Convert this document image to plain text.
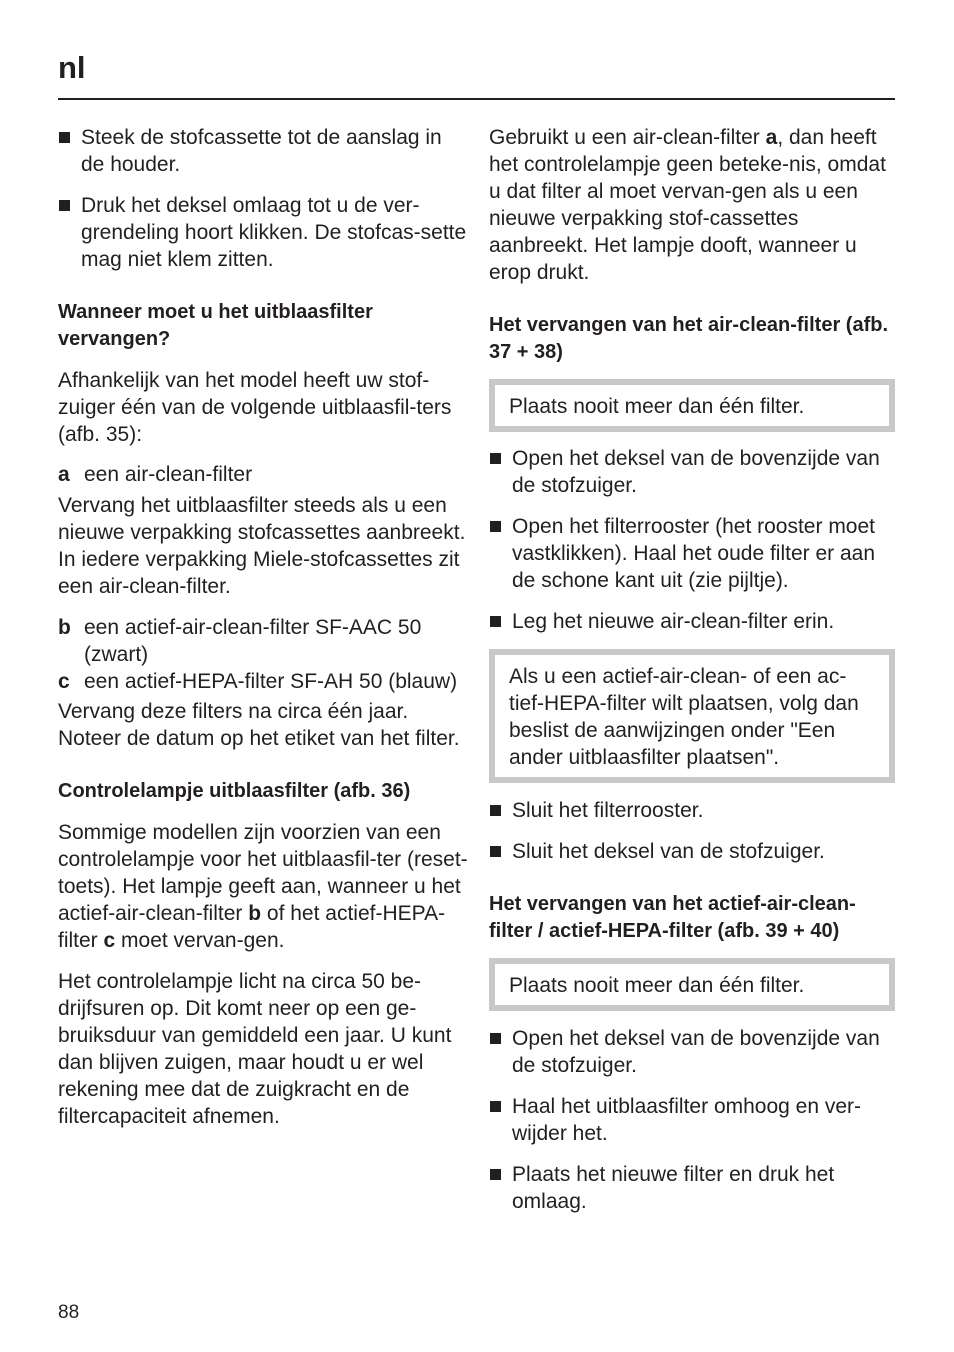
nl

Steek de stofcassette tot de aanslag in de houder.

Druk het deksel omlaag tot u de ver-grendeling hoort klikken. De stofcas-sette mag niet klem zitten.

Wanneer moet u het uitblaasfilter vervangen?

Afhankelijk van het model heeft uw stof-zuiger één van de volgende uitblaasfil-ters (afb. 35):

a een air-clean-filter

Vervang het uitblaasfilter steeds als u een nieuwe verpakking stofcassettes aanbreekt. In iedere verpakking Miele-stofcassettes zit een air-clean-filter.

b een actief-air-clean-filter SF-AAC 50 (zwart)
c een actief-HEPA-filter SF-AH 50 (blauw)

Vervang deze filters na circa één jaar. Noteer de datum op het etiket van het filter.

Controlelampje uitblaasfilter (afb. 36)

Sommige modellen zijn voorzien van een controlelampje voor het uitblaasfil-ter (reset-toets). Het lampje geeft aan, wanneer u het actief-air-clean-filter b of het actief-HEPA-filter c moet vervan-gen.

Het controlelampje licht na circa 50 be-drijfsuren op. Dit komt neer op een ge-bruiksduur van gemiddeld een jaar. U kunt dan blijven zuigen, maar houdt u er wel rekening mee dat de zuigkracht en de filtercapaciteit afnemen.

Gebruikt u een air-clean-filter a, dan heeft het controlelampje geen beteke-nis, omdat u dat filter al moet vervan-gen als u een nieuwe verpakking stof-cassettes aanbreekt. Het lampje dooft, wanneer u erop drukt.

Het vervangen van het air-clean-filter (afb. 37 + 38)

Plaats nooit meer dan één filter.

Open het deksel van de bovenzijde van de stofzuiger.

Open het filterrooster (het rooster moet vastklikken). Haal het oude filter er aan de schone kant uit (zie pijltje).

Leg het nieuwe air-clean-filter erin.

Als u een actief-air-clean- of een ac-tief-HEPA-filter wilt plaatsen, volg dan beslist de aanwijzingen onder "Een ander uitblaasfilter plaatsen".

Sluit het filterrooster.

Sluit het deksel van de stofzuiger.

Het vervangen van het actief-air-clean-filter / actief-HEPA-filter (afb. 39 + 40)

Plaats nooit meer dan één filter.

Open het deksel van de bovenzijde van de stofzuiger.

Haal het uitblaasfilter omhoog en ver-wijder het.

Plaats het nieuwe filter en druk het omlaag.

88
